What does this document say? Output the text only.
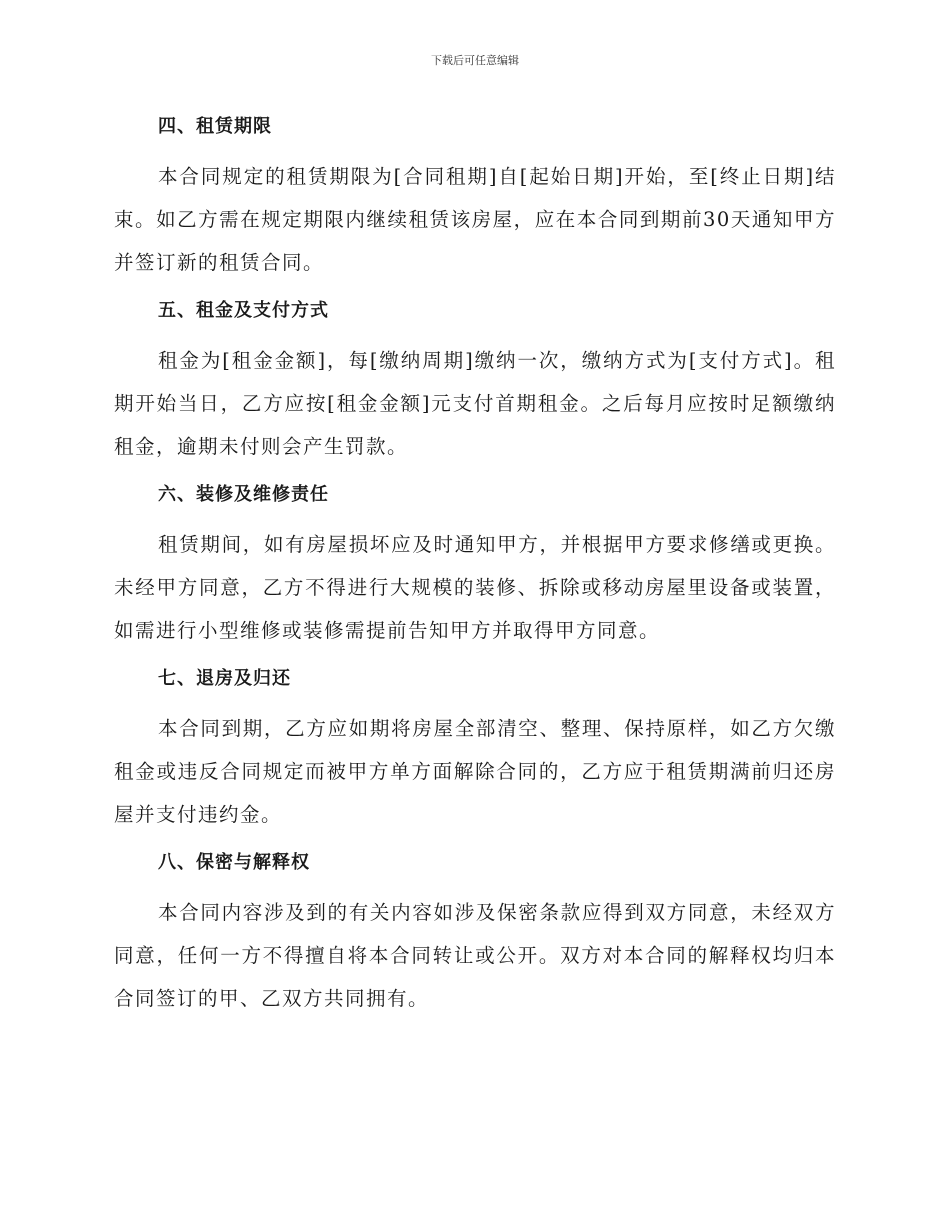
下载后可任意编辑
四、租赁期限

本合同规定的租赁期限为[合同租期]自[起始日期]开始，至[终止日期]结束。如乙方需在规定期限内继续租赁该房屋，应在本合同到期前30天通知甲方并签订新的租赁合同。

五、租金及支付方式

租金为[租金金额]，每[缴纳周期]缴纳一次，缴纳方式为[支付方式]。租期开始当日，乙方应按[租金金额]元支付首期租金。之后每月应按时足额缴纳租金，逾期未付则会产生罚款。

六、装修及维修责任

租赁期间，如有房屋损坏应及时通知甲方，并根据甲方要求修缮或更换。未经甲方同意，乙方不得进行大规模的装修、拆除或移动房屋里设备或装置，如需进行小型维修或装修需提前告知甲方并取得甲方同意。

七、退房及归还

本合同到期，乙方应如期将房屋全部清空、整理、保持原样，如乙方欠缴租金或违反合同规定而被甲方单方面解除合同的，乙方应于租赁期满前归还房屋并支付违约金。

八、保密与解释权

本合同内容涉及到的有关内容如涉及保密条款应得到双方同意，未经双方同意，任何一方不得擅自将本合同转让或公开。双方对本合同的解释权均归本合同签订的甲、乙双方共同拥有。
